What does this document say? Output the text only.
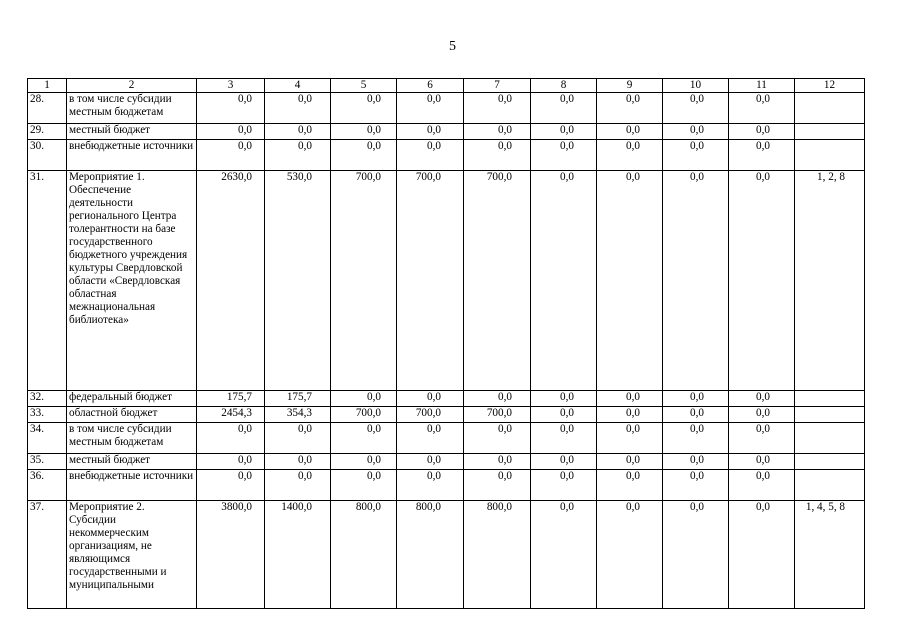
5
1	2	3	4	5	6	7	8	9	10	11	12
28.	в том числе субсидии местным бюджетам	0,0	0,0	0,0	0,0	0,0	0,0	0,0	0,0	0,0	
29.	местный бюджет	0,0	0,0	0,0	0,0	0,0	0,0	0,0	0,0	0,0	
30.	внебюджетные источники	0,0	0,0	0,0	0,0	0,0	0,0	0,0	0,0	0,0	
31.	Мероприятие 1. Обеспечение деятельности регионального Центра толерантности на базе государственного бюджетного учреждения культуры Свердловской области «Свердловская областная межнациональная библиотека»	2630,0	530,0	700,0	700,0	700,0	0,0	0,0	0,0	0,0	1, 2, 8
32.	федеральный бюджет	175,7	175,7	0,0	0,0	0,0	0,0	0,0	0,0	0,0	
33.	областной бюджет	2454,3	354,3	700,0	700,0	700,0	0,0	0,0	0,0	0,0	
34.	в том числе субсидии местным бюджетам	0,0	0,0	0,0	0,0	0,0	0,0	0,0	0,0	0,0	
35.	местный бюджет	0,0	0,0	0,0	0,0	0,0	0,0	0,0	0,0	0,0	
36.	внебюджетные источники	0,0	0,0	0,0	0,0	0,0	0,0	0,0	0,0	0,0	
37.	Мероприятие 2. Субсидии некоммерческим организациям, не являющимся государственными и муниципальными	3800,0	1400,0	800,0	800,0	800,0	0,0	0,0	0,0	0,0	1, 4, 5, 8
